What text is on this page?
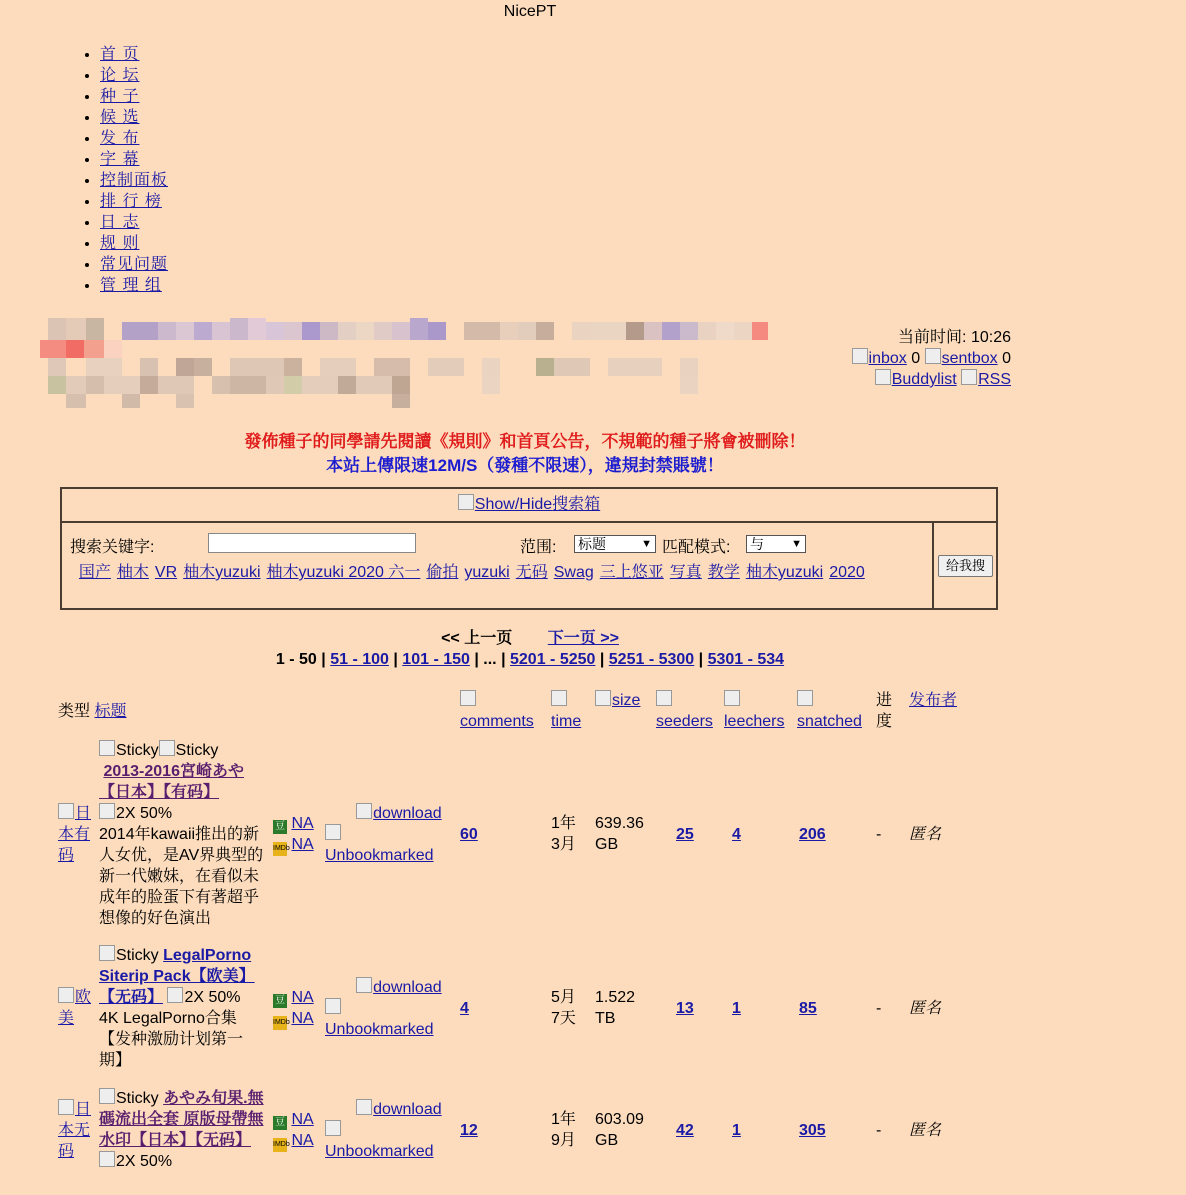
NicePT
• 首 页
• 论 坛
• 种 子
• 候 选
• 发 布
• 字 幕
• 控制面板
• 排 行 榜
• 日 志
• 规 则
• 常见问题
• 管 理 组
当前时间: 10:26
inbox 0 sentbox 0
Buddylist RSS
發佈種子的同學請先閱讀《規則》和首頁公告，不規範的種子將會被刪除！
本站上傳限速12M/S（發種不限速），違規封禁賬號！
Show/Hide搜索箱
搜索关键字:	范围: 标题	▼ 匹配模式: 与 ▼
国产 柚木 VR 柚木yuzuki 柚木yuzuki 2020 六一 偷拍 yuzuki 无码 Swag 三上悠亚 写真 教学 柚木yuzuki 2020	给我搜
<< 上一页 下一页 >>
1 - 50 | 51 - 100 | 101 - 150 | ... | 5201 - 5250 | 5251 - 5300 | 5301 - 534
类型 标题				comments	time	size	seeders	leechers	snatched	进度	发布者

日本有码	Sticky Sticky
2013-2016宮崎あや【日本】【有码】
2X 50%
2014年kawaii推出的新人女优，是AV界典型的新一代嫩妹，在看似未成年的脸蛋下有著超乎想像的好色演出	豆 NA
IMDb NA	download

Unbookmarked	60	1年3月	639.36 GB	25	4	206	-	匿名
欧美	Sticky LegalPorno Siterip Pack【欧美】【无码】 2X 50%
4K LegalPorno合集【发种激励计划第一期】	豆 NA
IMDb NA	download

Unbookmarked	4	5月7天	1.522 TB	13	1	85	-	匿名
日本无码	Sticky あやみ旬果.無碼流出全套 原版母帶無水印【日本】【无码】 2X 50%	豆 NA
IMDb NA	download

Unbookmarked	12	1年9月	603.09 GB	42	1	305	-	匿名
